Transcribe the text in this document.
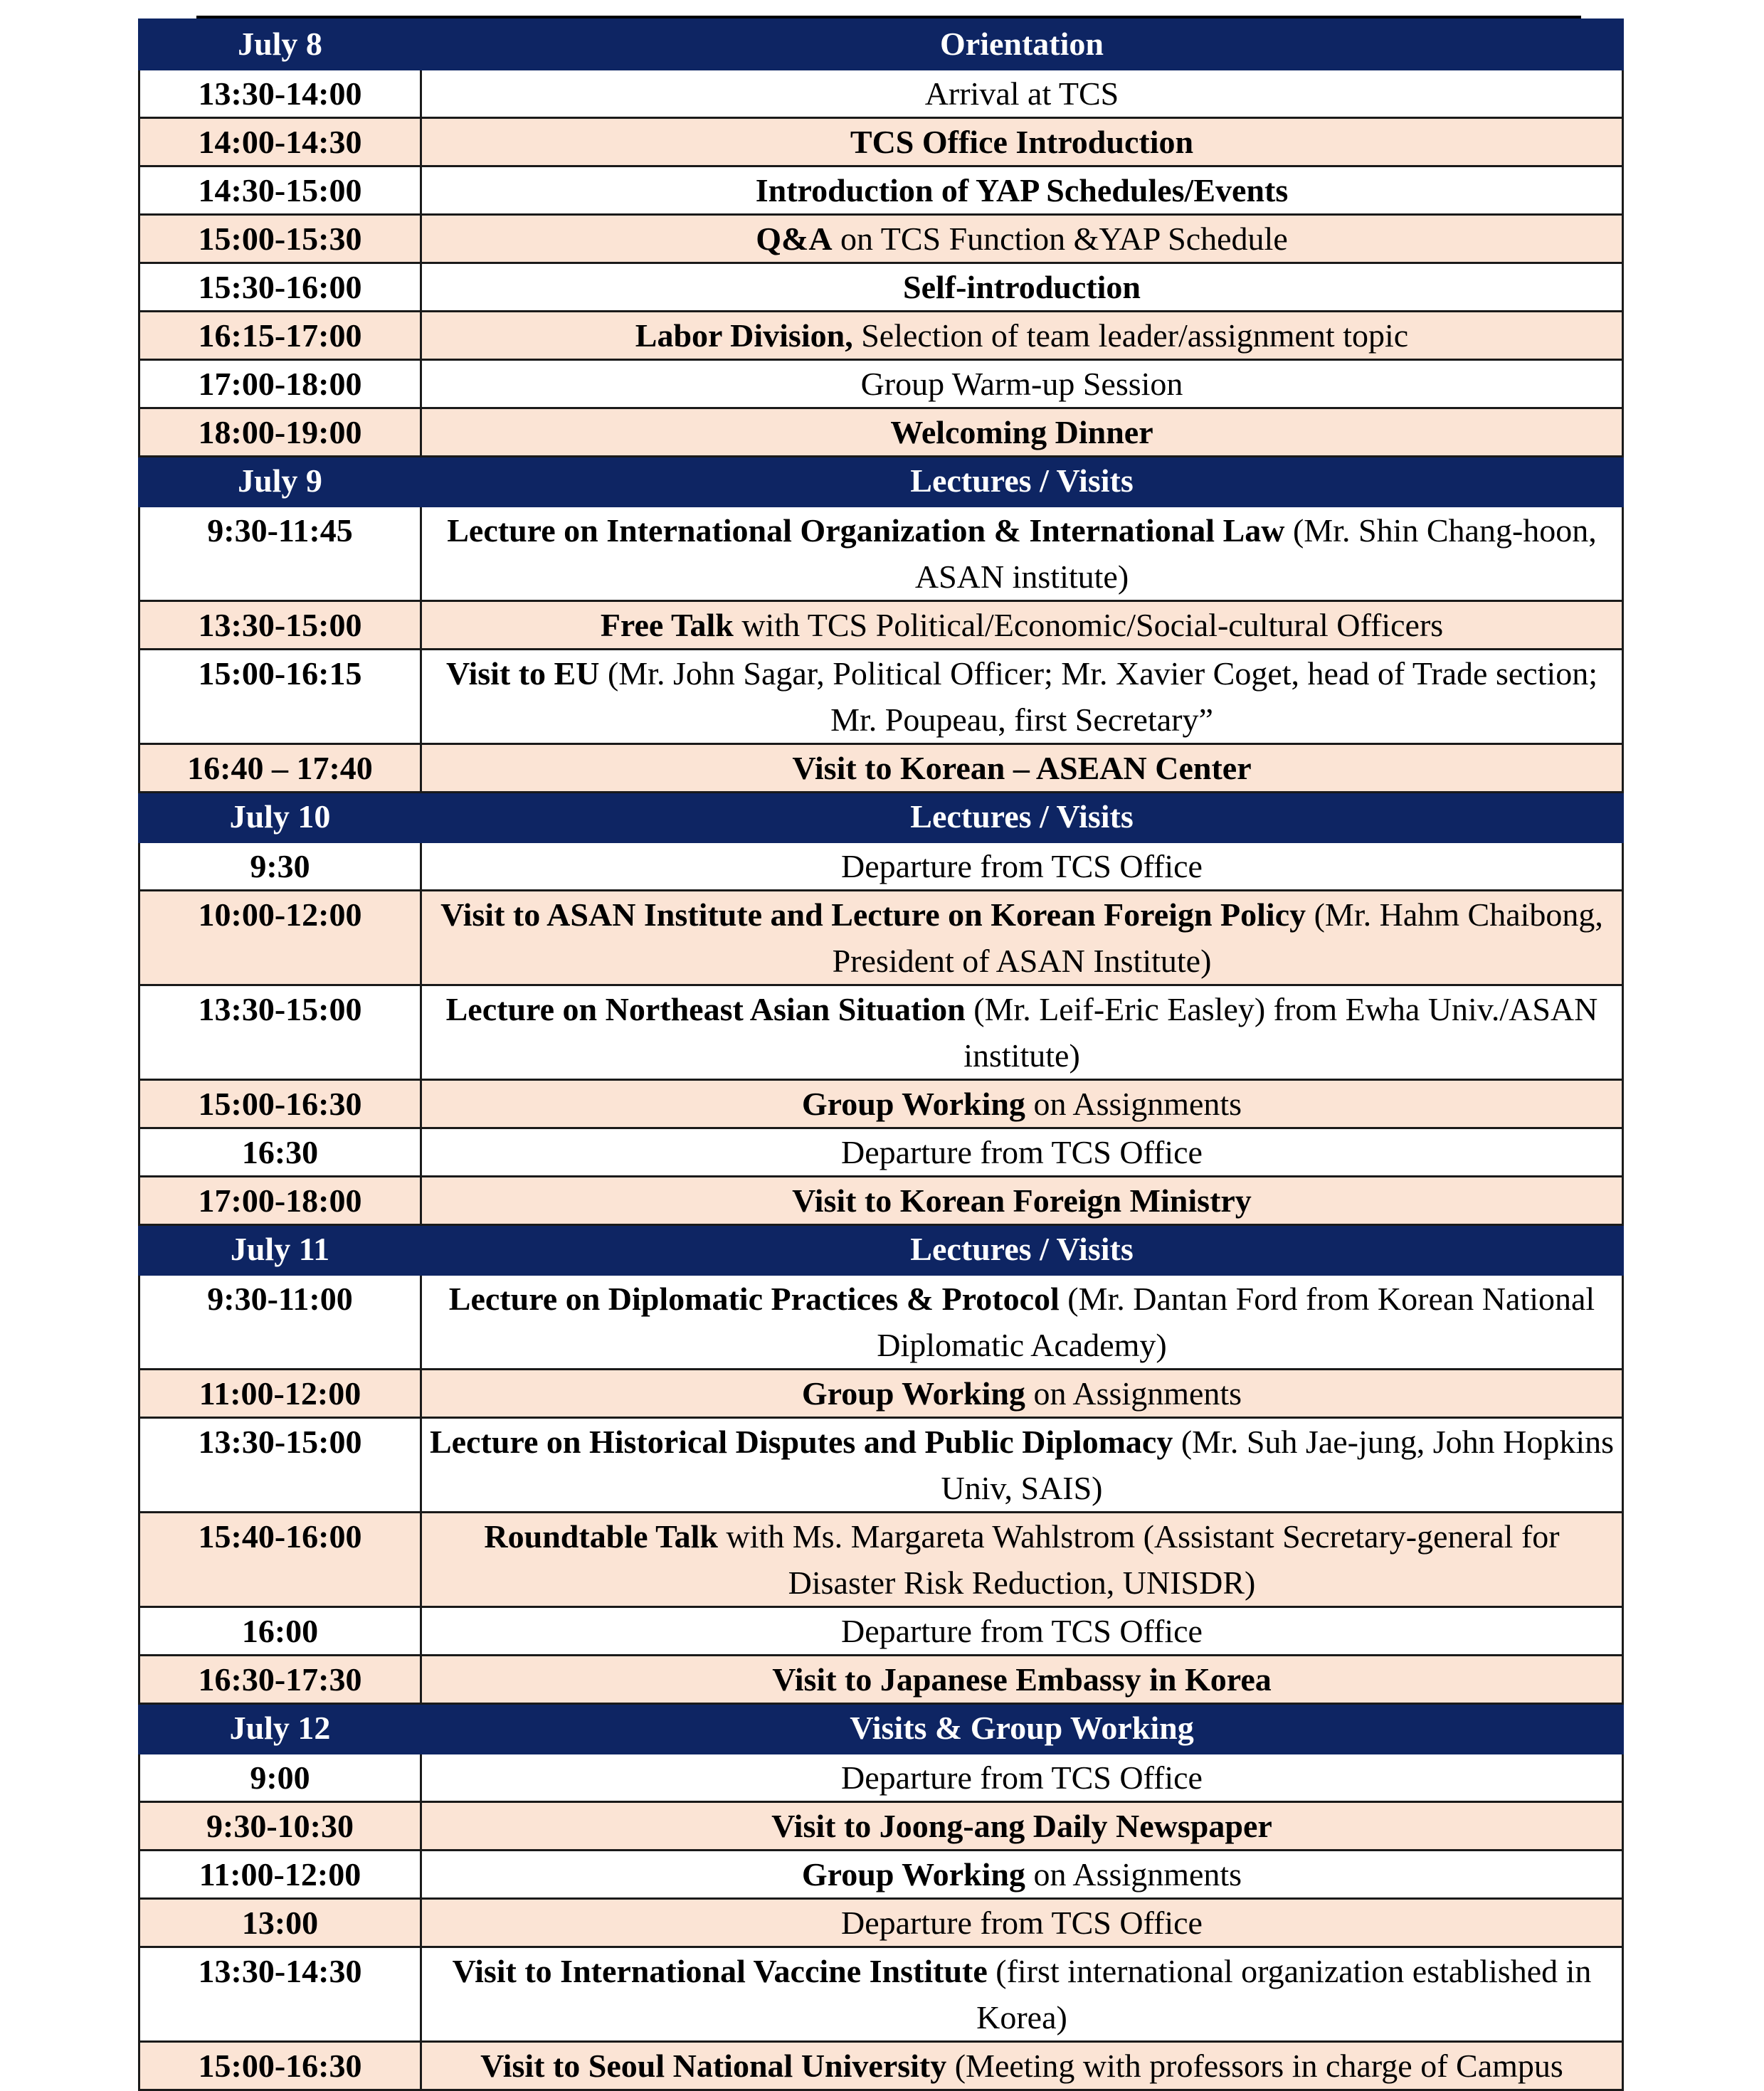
July 8	Orientation
13:30-14:00	Arrival at TCS
14:00-14:30	TCS Office Introduction
14:30-15:00	Introduction of YAP Schedules/Events
15:00-15:30	Q&A on TCS Function &YAP Schedule
15:30-16:00	Self-introduction
16:15-17:00	Labor Division, Selection of team leader/assignment topic
17:00-18:00	Group Warm-up Session
18:00-19:00	Welcoming Dinner
July 9	Lectures / Visits
9:30-11:45	Lecture on International Organization & International Law (Mr. Shin Chang-hoon, ASAN institute)
13:30-15:00	Free Talk with TCS Political/Economic/Social-cultural Officers
15:00-16:15	Visit to EU (Mr. John Sagar, Political Officer; Mr. Xavier Coget, head of Trade section; Mr. Poupeau, first Secretary”
16:40 – 17:40	Visit to Korean – ASEAN Center
July 10	Lectures / Visits
9:30	Departure from TCS Office
10:00-12:00	Visit to ASAN Institute and Lecture on Korean Foreign Policy (Mr. Hahm Chaibong, President of ASAN Institute)
13:30-15:00	Lecture on Northeast Asian Situation (Mr. Leif-Eric Easley) from Ewha Univ./ASAN institute)
15:00-16:30	Group Working on Assignments
16:30	Departure from TCS Office
17:00-18:00	Visit to Korean Foreign Ministry
July 11	Lectures / Visits
9:30-11:00	Lecture on Diplomatic Practices & Protocol (Mr. Dantan Ford from Korean National Diplomatic Academy)
11:00-12:00	Group Working on Assignments
13:30-15:00	Lecture on Historical Disputes and Public Diplomacy (Mr. Suh Jae-jung, John Hopkins Univ, SAIS)
15:40-16:00	Roundtable Talk with Ms. Margareta Wahlstrom (Assistant Secretary-general for Disaster Risk Reduction, UNISDR)
16:00	Departure from TCS Office
16:30-17:30	Visit to Japanese Embassy in Korea
July 12	Visits & Group Working
9:00	Departure from TCS Office
9:30-10:30	Visit to Joong-ang Daily Newspaper
11:00-12:00	Group Working on Assignments
13:00	Departure from TCS Office
13:30-14:30	Visit to International Vaccine Institute (first international organization established in Korea)
15:00-16:30	Visit to Seoul National University (Meeting with professors in charge of Campus
